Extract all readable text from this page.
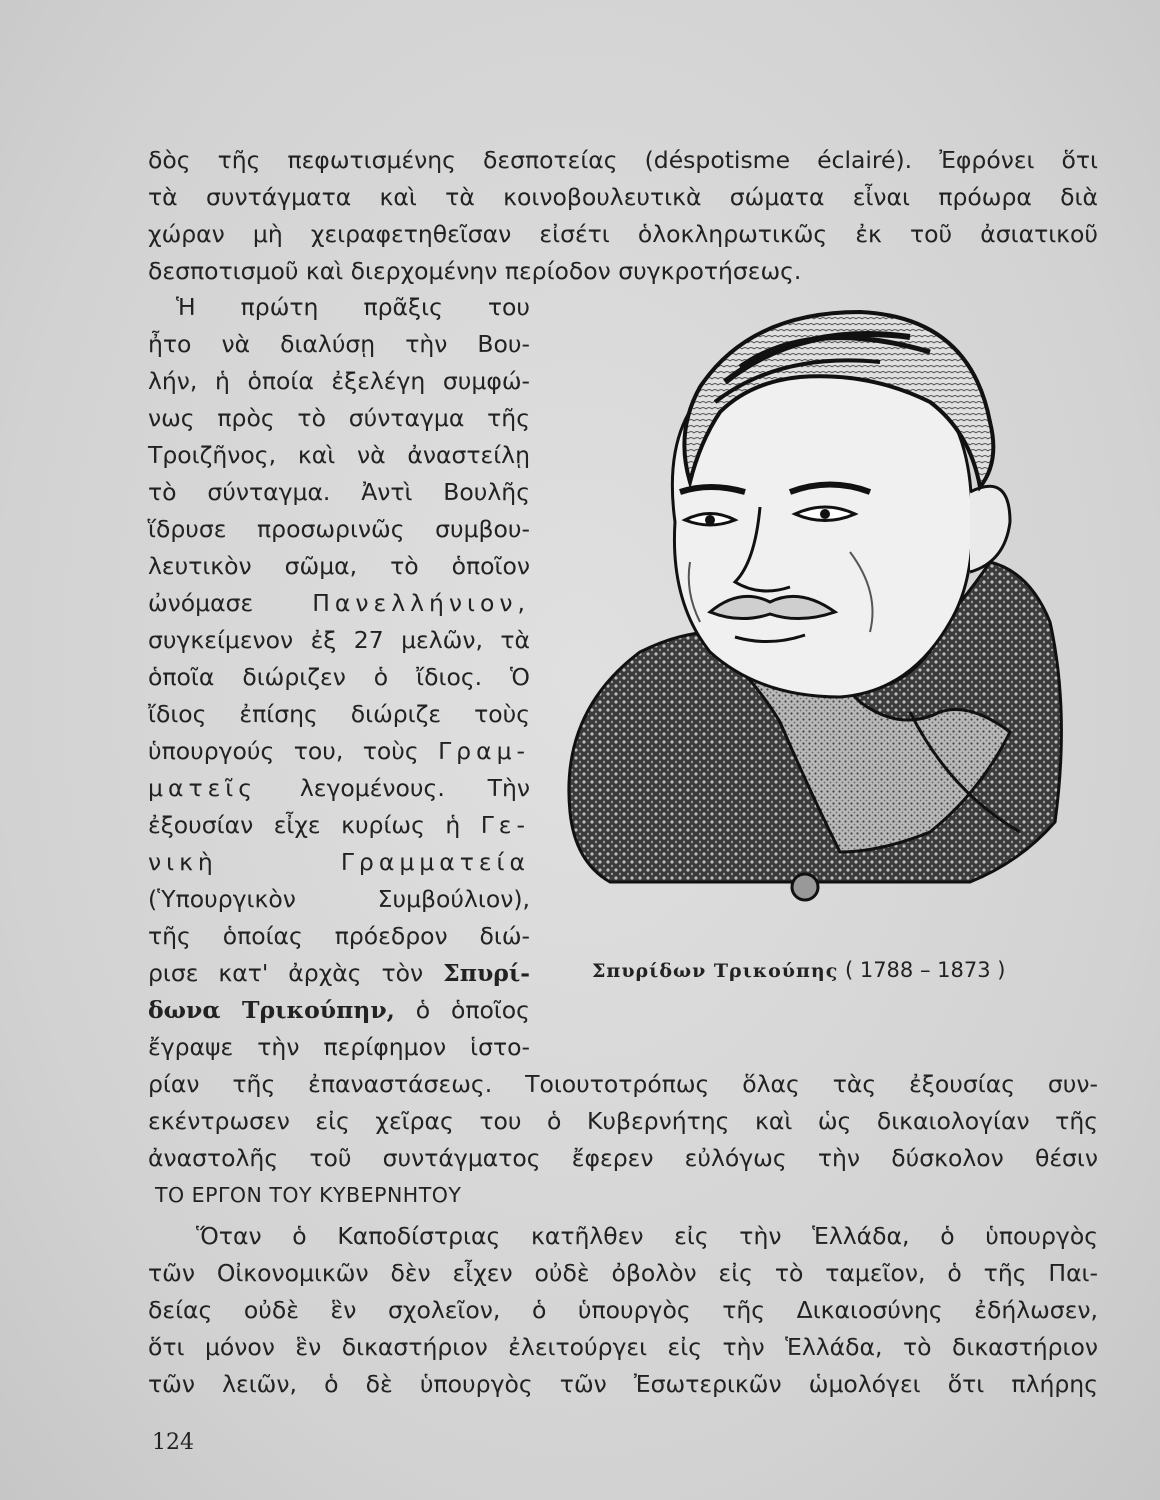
δὸς τῆς πεφωτισμένης δεσποτείας (déspotisme éclairé). Ἐφρόνει ὅτι
τὰ συντάγματα καὶ τὰ κοινοβουλευτικὰ σώματα εἶναι πρόωρα διὰ
χώραν μὴ χειραφετηθεῖσαν εἰσέτι ὁλοκληρωτικῶς ἐκ τοῦ ἀσιατικοῦ
δεσποτισμοῦ καὶ διερχομένην περίοδον συγκροτήσεως.
Ἡ πρώτη πρᾶξις του
ἦτο νὰ διαλύσῃ τὴν Βου-
λήν, ἡ ὁποία ἐξελέγη συμφώ-
νως πρὸς τὸ σύνταγμα τῆς
Τροιζῆνος, καὶ νὰ ἀναστείλῃ
τὸ σύνταγμα. Ἀντὶ Βουλῆς
ἵδρυσε προσωρινῶς συμβου-
λευτικὸν σῶμα, τὸ ὁποῖον
ὠνόμασε	Πανελλήνιον,
συγκείμενον ἐξ 27 μελῶν, τὰ
ὁποῖα διώριζεν ὁ ἴδιος. Ὁ
ἴδιος ἐπίσης διώριζε τοὺς
ὑπουργούς του, τοὺς Γραμ-
ματεῖς λεγομένους. Τὴν
ἐξουσίαν εἶχε κυρίως ἡ Γε-
νικὴ	Γραμματεία
(Ὑπουργικὸν Συμβούλιον),
τῆς ὁποίας πρόεδρον διώ-
ρισε κατ' ἀρχὰς τὸν Σπυρί-
δωνα Τρικούπην, ὁ ὁποῖος
ἔγραψε τὴν περίφημον ἱστο-
ρίαν τῆς ἐπαναστάσεως. Τοιουτοτρόπως ὅλας τὰς ἐξουσίας συν-
εκέντρωσεν εἰς χεῖρας του ὁ Κυβερνήτης καὶ ὡς δικαιολογίαν τῆς
ἀναστολῆς τοῦ συντάγματος ἔφερεν εὐλόγως τὴν δύσκολον θέσιν
Σπυρίδων Τρικούπης ( 1788 – 1873 )
ΤΟ ΕΡΓΟΝ ΤΟΥ ΚΥΒΕΡΝΗΤΟΥ
Ὅταν ὁ Καποδίστριας κατῆλθεν εἰς τὴν Ἑλλάδα, ὁ ὑπουργὸς
τῶν Οἰκονομικῶν δὲν εἶχεν οὐδὲ ὀβολὸν εἰς τὸ ταμεῖον, ὁ τῆς Παι-
δείας οὐδὲ ἓν σχολεῖον, ὁ ὑπουργὸς τῆς Δικαιοσύνης ἐδήλωσεν,
ὅτι μόνον ἓν δικαστήριον ἐλειτούργει εἰς τὴν Ἑλλάδα, τὸ δικαστήριον
τῶν λειῶν, ὁ δὲ ὑπουργὸς τῶν Ἐσωτερικῶν ὡμολόγει ὅτι πλήρης
124
